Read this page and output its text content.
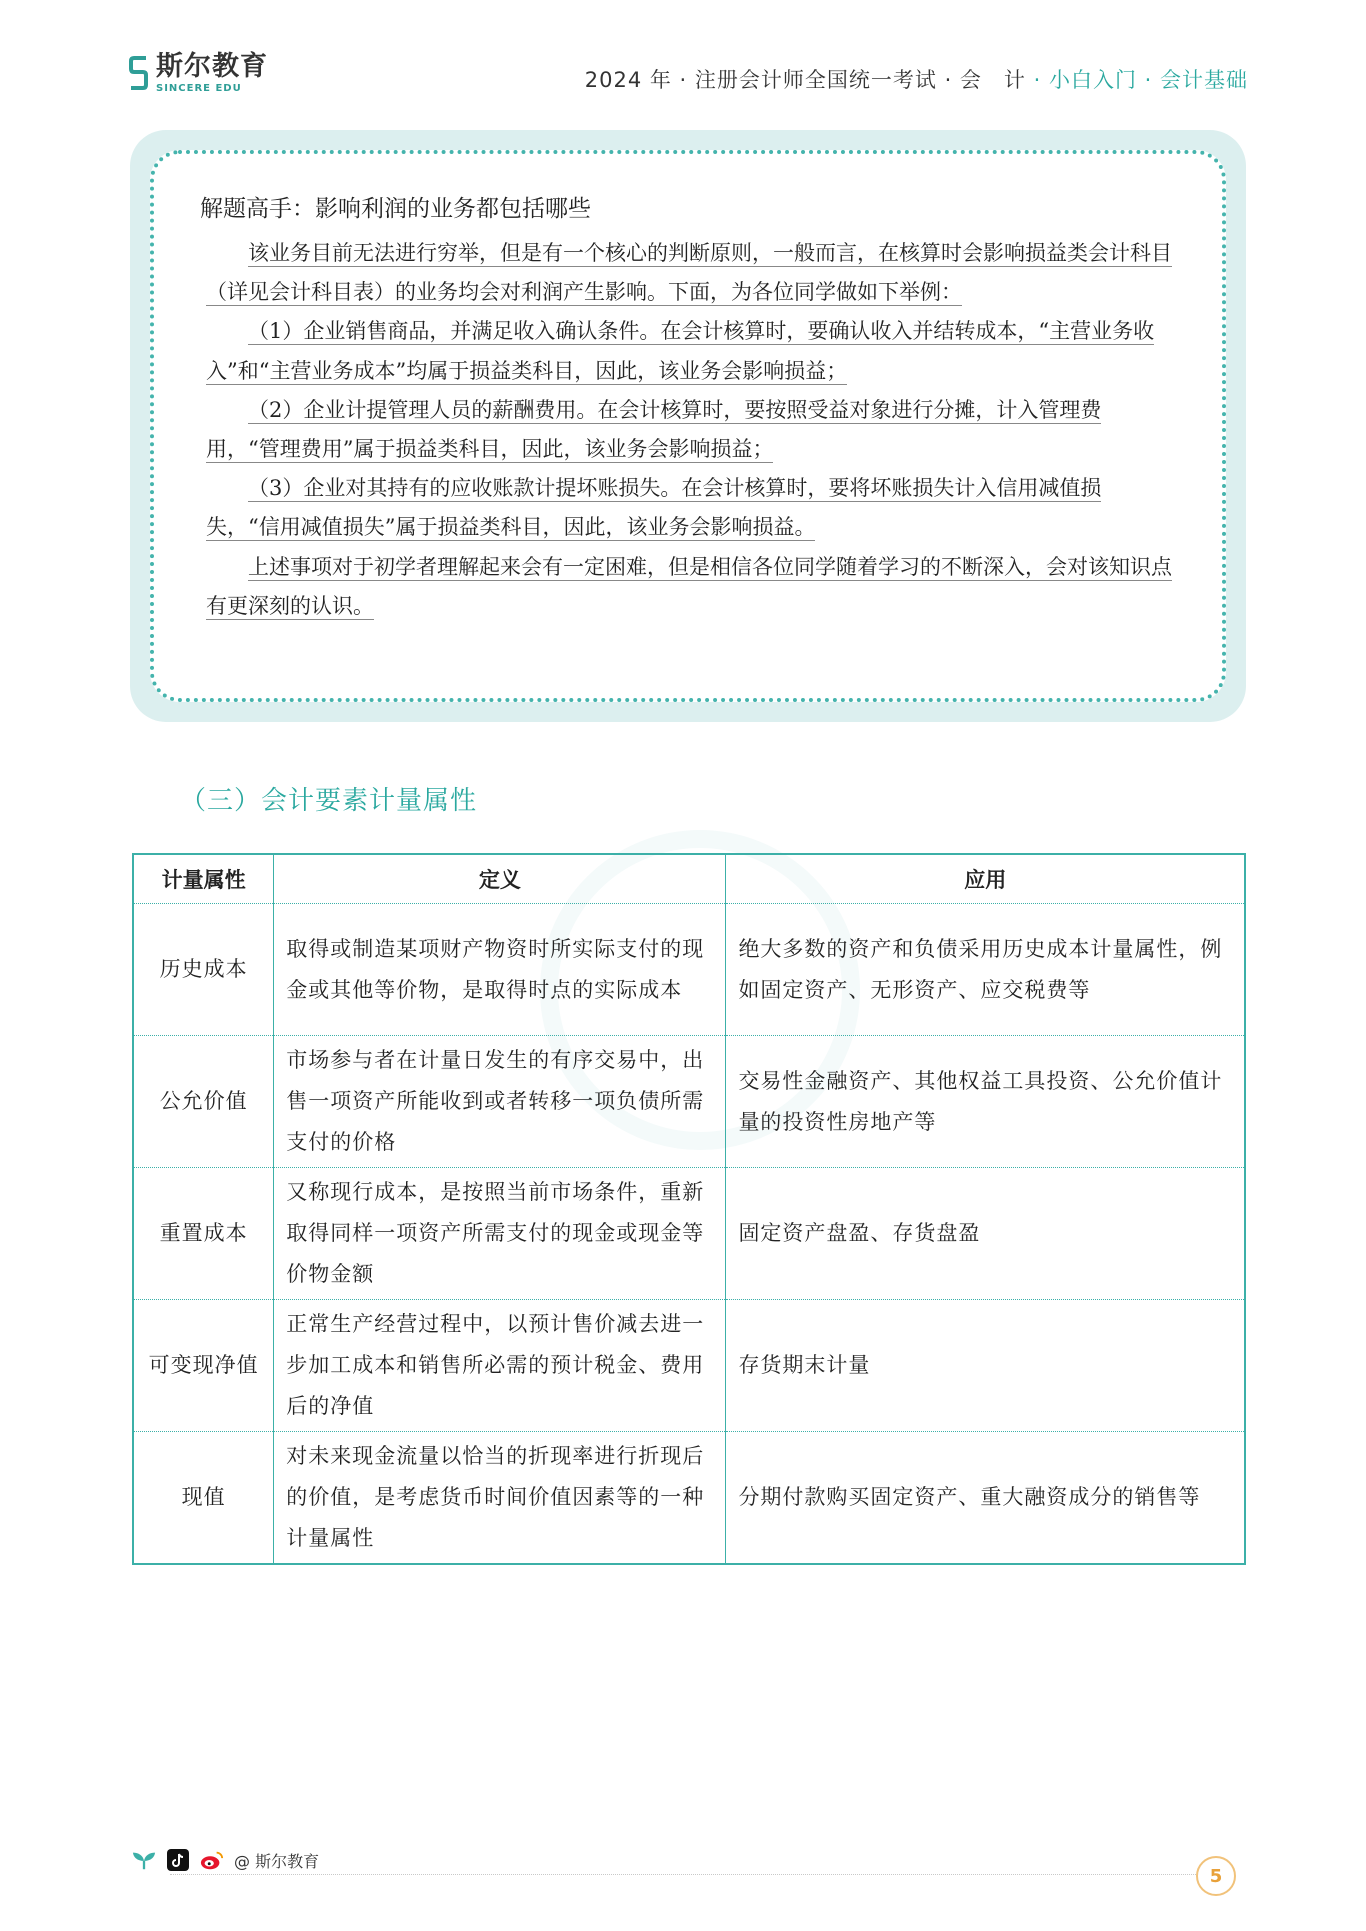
斯尔教育
SINCERE EDU	2024 年 · 注册会计师全国统一考试 · 会　计 · 小白入门 · 会计基础
解题高手：影响利润的业务都包括哪些

该业务目前无法进行穷举，但是有一个核心的判断原则，一般而言，在核算时会影响损益类会计科目（详见会计科目表）的业务均会对利润产生影响。下面，为各位同学做如下举例：

（1）企业销售商品，并满足收入确认条件。在会计核算时，要确认收入并结转成本，“主营业务收入”和“主营业务成本”均属于损益类科目，因此，该业务会影响损益；

（2）企业计提管理人员的薪酬费用。在会计核算时，要按照受益对象进行分摊，计入管理费用，“管理费用”属于损益类科目，因此，该业务会影响损益；

（3）企业对其持有的应收账款计提坏账损失。在会计核算时，要将坏账损失计入信用减值损失，“信用减值损失”属于损益类科目，因此，该业务会影响损益。

上述事项对于初学者理解起来会有一定困难，但是相信各位同学随着学习的不断深入，会对该知识点有更深刻的认识。

（三）会计要素计量属性
计量属性	定义	应用
历史成本	取得或制造某项财产物资时所实际支付的现金或其他等价物，是取得时点的实际成本	绝大多数的资产和负债采用历史成本计量属性，例如固定资产、无形资产、应交税费等
公允价值	市场参与者在计量日发生的有序交易中，出售一项资产所能收到或者转移一项负债所需支付的价格	交易性金融资产、其他权益工具投资、公允价值计量的投资性房地产等
重置成本	又称现行成本，是按照当前市场条件，重新取得同样一项资产所需支付的现金或现金等价物金额	固定资产盘盈、存货盘盈
可变现净值	正常生产经营过程中，以预计售价减去进一步加工成本和销售所必需的预计税金、费用后的净值	存货期末计量
现值	对未来现金流量以恰当的折现率进行折现后的价值，是考虑货币时间价值因素等的一种计量属性	分期付款购买固定资产、重大融资成分的销售等
@ 斯尔教育
5
